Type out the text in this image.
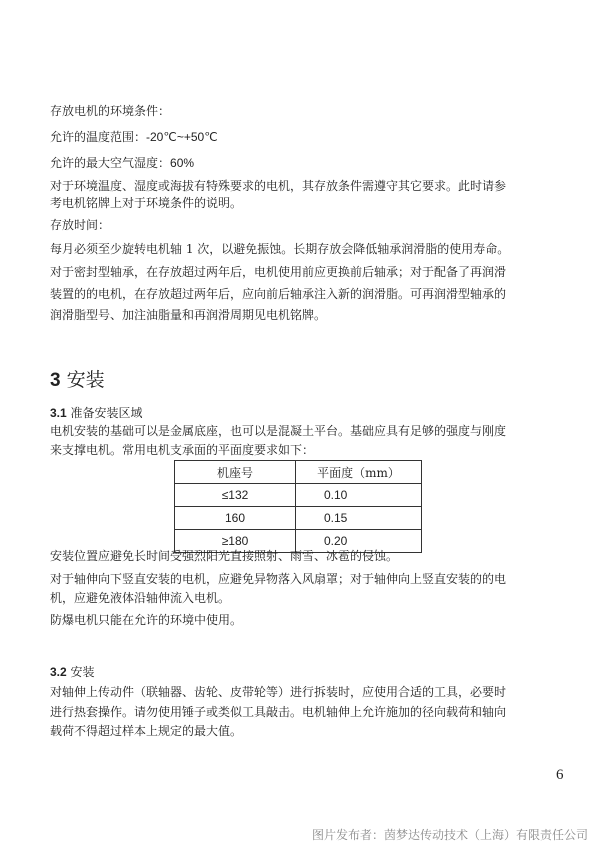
存放电机的环境条件：
允许的温度范围：-20℃~+50℃
允许的最大空气湿度：60%
对于环境温度、湿度或海拔有特殊要求的电机，其存放条件需遵守其它要求。此时请参
考电机铭牌上对于环境条件的说明。
存放时间：
每月必须至少旋转电机轴 1 次，以避免振蚀。长期存放会降低轴承润滑脂的使用寿命。
对于密封型轴承，在存放超过两年后，电机使用前应更换前后轴承；对于配备了再润滑
装置的的电机，在存放超过两年后，应向前后轴承注入新的润滑脂。可再润滑型轴承的
润滑脂型号、加注油脂量和再润滑周期见电机铭牌。
3 安装
3.1 准备安装区域
电机安装的基础可以是金属底座，也可以是混凝土平台。基础应具有足够的强度与刚度
来支撑电机。常用电机支承面的平面度要求如下：
机座号	平面度（mm）
≤132	0.10
160	0.15
≥180	0.20
安装位置应避免长时间受强烈阳光直接照射、雨雪、冰雹的侵蚀。
对于轴伸向下竖直安装的电机，应避免异物落入风扇罩；对于轴伸向上竖直安装的的电
机，应避免液体沿轴伸流入电机。
防爆电机只能在允许的环境中使用。
3.2 安装
对轴伸上传动件（联轴器、齿轮、皮带轮等）进行拆装时，应使用合适的工具，必要时
进行热套操作。请勿使用锤子或类似工具敲击。电机轴伸上允许施加的径向载荷和轴向
载荷不得超过样本上规定的最大值。
6
图片发布者：茵梦达传动技术（上海）有限责任公司
